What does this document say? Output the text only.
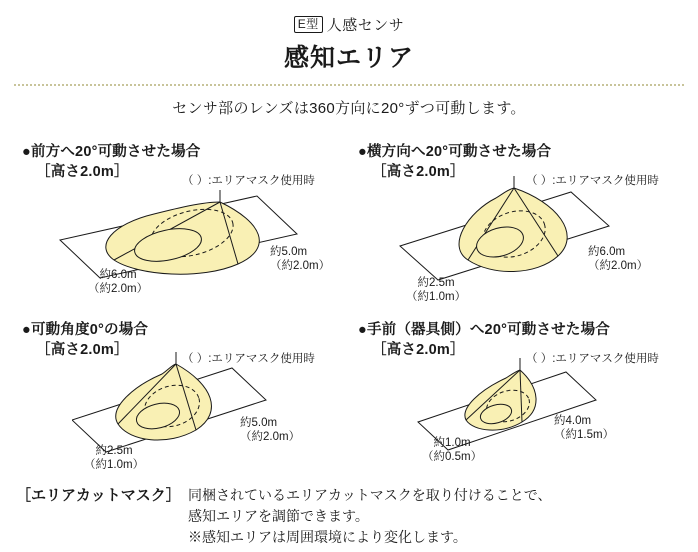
E型 人感センサ
感知エリア
センサ部のレンズは360方向に20°ずつ可動します。
●前方へ20°可動させた場合
［高さ2.0m］
（ ）:エリアマスク使用時
約5.0m
（約2.0m）
約6.0m
（約2.0m）
●横方向へ20°可動させた場合
［高さ2.0m］
（ ）:エリアマスク使用時
約6.0m
（約2.0m）
約2.5m
（約1.0m）
●可動角度0°の場合
［高さ2.0m］
（ ）:エリアマスク使用時
約5.0m
（約2.0m）
約2.5m
（約1.0m）
●手前（器具側）へ20°可動させた場合
［高さ2.0m］
（ ）:エリアマスク使用時
約4.0m
（約1.5m）
約1.0m
（約0.5m）
［エリアカットマスク］ 同梱されているエリアカットマスクを取り付けることで、
感知エリアを調節できます。
※感知エリアは周囲環境により変化します。
